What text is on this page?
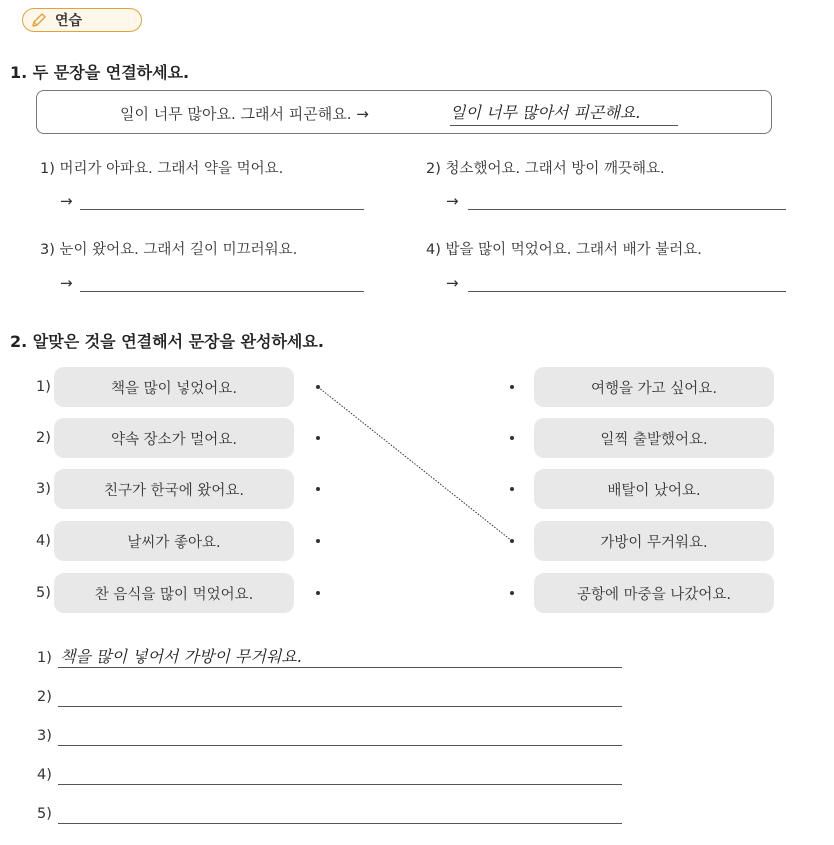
연습
1. 두 문장을 연결하세요.
일이 너무 많아요. 그래서 피곤해요. →	일이 너무 많아서 피곤해요.
1) 머리가 아파요. 그래서 약을 먹어요.
→
2) 청소했어요. 그래서 방이 깨끗해요.
→
3) 눈이 왔어요. 그래서 길이 미끄러워요.
→
4) 밥을 많이 먹었어요. 그래서 배가 불러요.
→
2. 알맞은 것을 연결해서 문장을 완성하세요.
1)	책을 많이 넣었어요.
2)	약속 장소가 멀어요.
3)	친구가 한국에 왔어요.
4)	날씨가 좋아요.
5)	찬 음식을 많이 먹었어요.
여행을 가고 싶어요.
일찍 출발했어요.
배탈이 났어요.
가방이 무거워요.
공항에 마중을 나갔어요.
1) 책을 많이 넣어서 가방이 무거워요.
2)
3)
4)
5)
